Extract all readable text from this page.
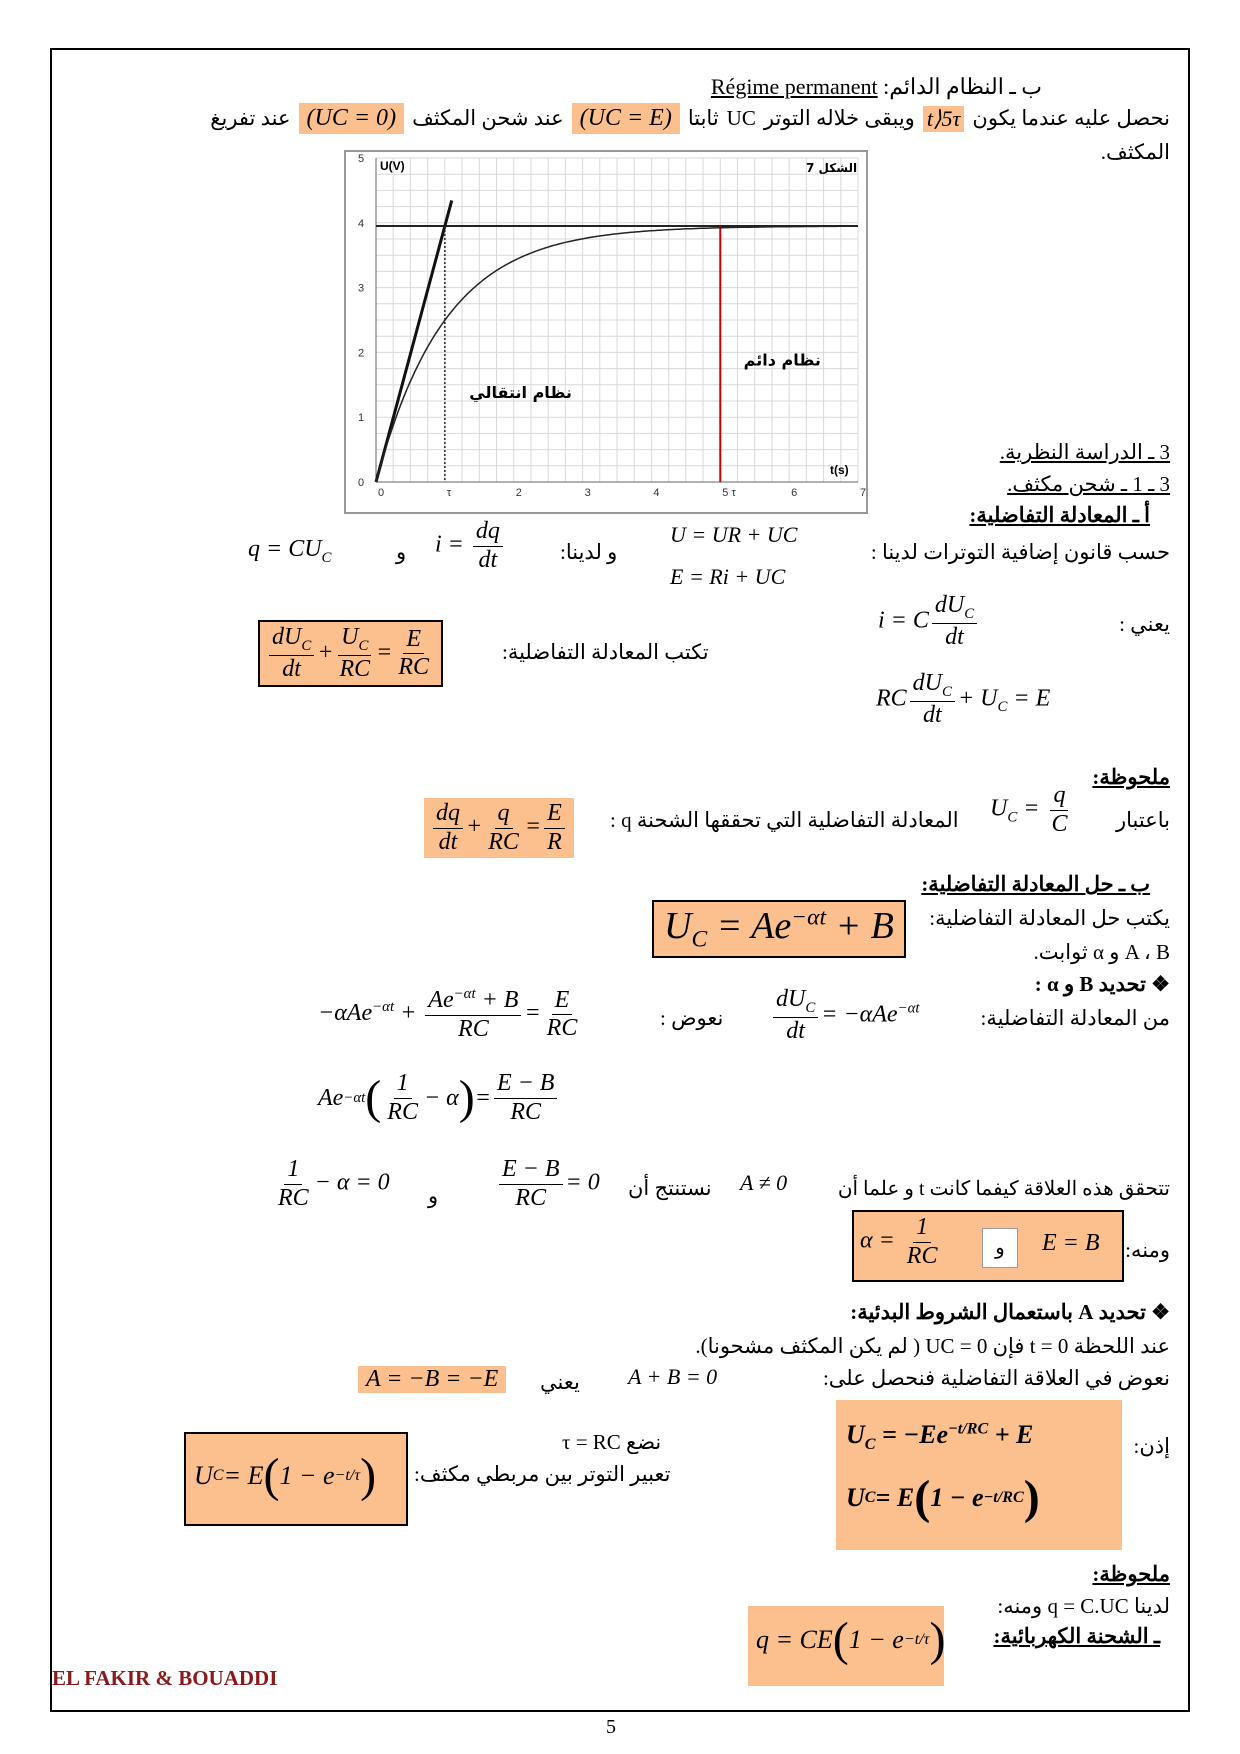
ب ـ النظام الدائم: Régime permanent
نحصل عليه عندما يكون
t⟩5τ
ويبقى خلاله التوتر
UC
ثابتا
(UC = E)
عند شحن المكثف
(UC = 0)
عند تفريغ
المكثف.
0	τ	2	3	4	5 τ	6	7
0
1
2
3
4
5 U(V)
t(s)
الشكل 7
نظام انتقالي
نظام دائم
3 ـ الدراسة النظرية.
3 ـ 1 ـ شحن مكثف.
أ ـ المعادلة التفاضلية:
حسب قانون إضافية التوترات لدينا :
U = UR + UC
E = Ri + UC
و لدينا:
$i = \frac{dq}{dt}$
و
$q = CU_C$
يعني :
i = C $\frac{dU_C}{dt}$
RC $\frac{dU_C}{dt} + U_C = E$
تكتب المعادلة التفاضلية:
$\frac{dU_C}{dt} + \frac{U_C}{RC} = \frac{E}{RC}$
ملحوظة:
باعتبار
$U_C = \frac{q}{C}$
المعادلة التفاضلية التي تحققها الشحنة q :
$\frac{dq}{dt} + \frac{q}{RC} = \frac{E}{R}$
ب ـ حل المعادلة التفاضلية:
يكتب حل المعادلة التفاضلية:
$U_C = Ae^{-\alpha t} + B$
A ، B و α ثوابت.
❖ تحديد B و α :
من المعادلة التفاضلية:
$\frac{dU_C}{dt} = -\alpha Ae^{-\alpha t}$
نعوض :
$-\alpha Ae^{-\alpha t} + \frac{Ae^{-\alpha t} + B}{RC} = \frac{E}{RC}$
Ae −αt ( $\frac{1}{RC} - \alpha$ ) = $\frac{E - B}{RC}$
تتحقق هذه العلاقة كيفما كانت t و علما أن
A ≠ 0
نستنتج أن
$\frac{E - B}{RC} = 0$
و
$\frac{1}{RC} - \alpha = 0$
ومنه:
$\alpha = \frac{1}{RC}$	و	E = B
❖ تحديد A باستعمال الشروط البدئية:
عند اللحظة t = 0 فإن UC = 0 ( لم يكن المكثف مشحونا).
نعوض في العلاقة التفاضلية فنحصل على:
A + B = 0
يعني
A = −B = −E
إذن:
$U_C = -Ee^{-t/RC} + E$
U C = E ( 1 − e −t/RC )
نضع τ = RC
تعبير التوتر بين مربطي مكثف:
U C = E ( 1 − e −t/τ )
ملحوظة:
لدينا q = C.UC ومنه:
ـ الشحنة الكهربائية:
q = CE ( 1 − e −t/τ )
EL FAKIR & BOUADDI
5
